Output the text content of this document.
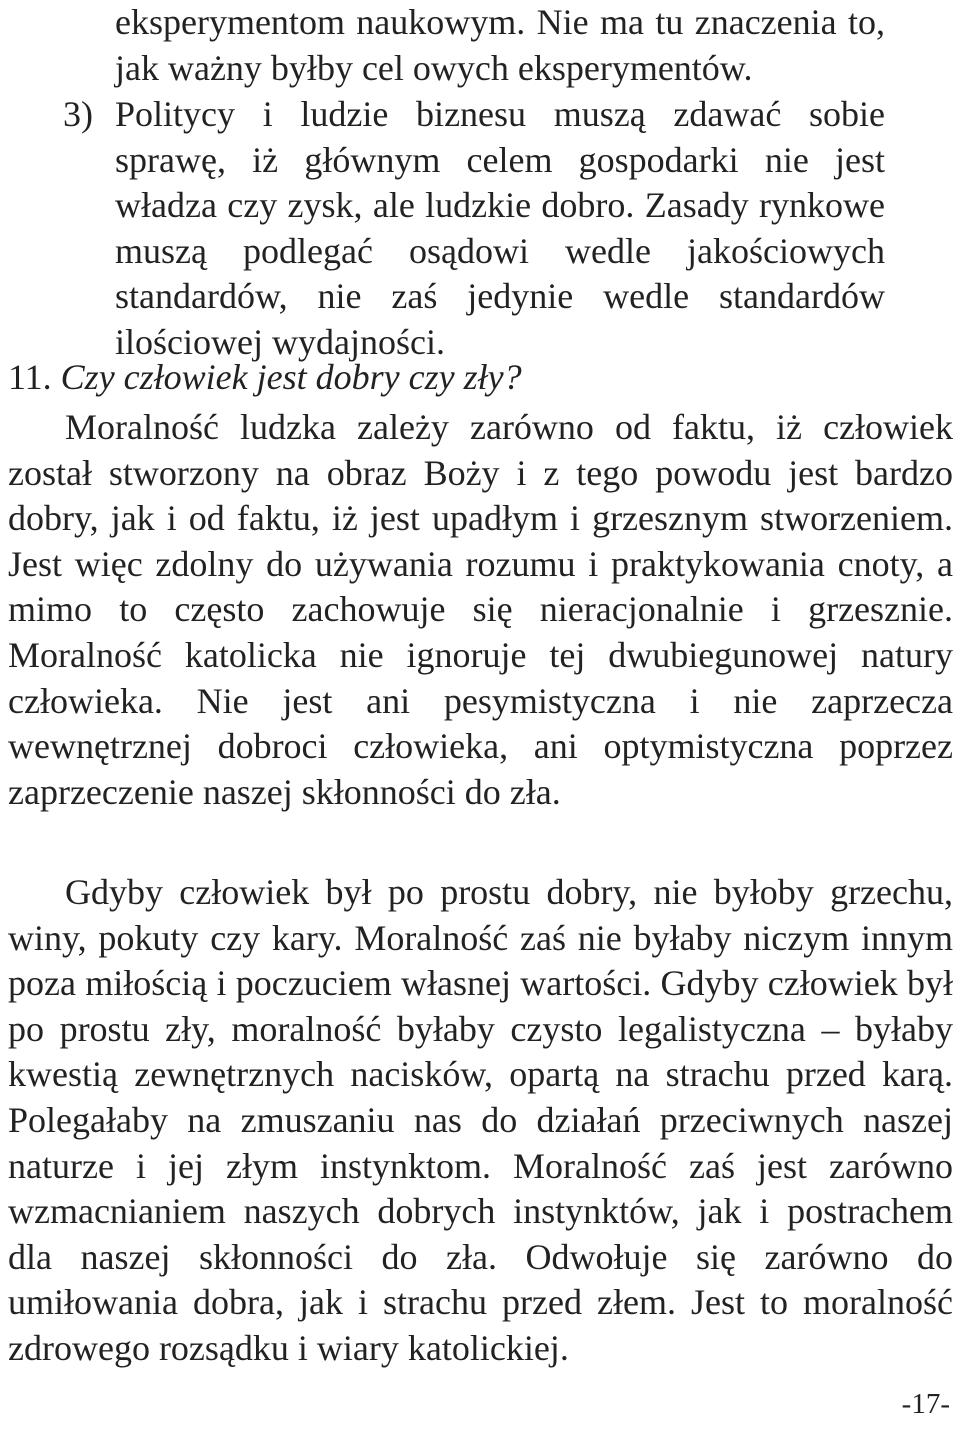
eksperymentom naukowym. Nie ma tu znaczenia to, jak ważny byłby cel owych eksperymentów.
3) Politycy i ludzie biznesu muszą zdawać sobie sprawę, iż głównym celem gospodarki nie jest władza czy zysk, ale ludzkie dobro. Zasady rynkowe muszą podlegać osądowi wedle jakościowych standardów, nie zaś jedynie wedle standardów ilościowej wydajności.
11. Czy człowiek jest dobry czy zły?
Moralność ludzka zależy zarówno od faktu, iż człowiek został stworzony na obraz Boży i z tego powodu jest bardzo dobry, jak i od faktu, iż jest upadłym i grzesznym stworzeniem. Jest więc zdolny do używania rozumu i praktykowania cnoty, a mimo to często zachowuje się nieracjonalnie i grzesznie. Moralność katolicka nie ignoruje tej dwubiegunowej natury człowieka. Nie jest ani pesymistyczna i nie zaprzecza wewnętrznej dobroci człowieka, ani optymistyczna poprzez zaprzeczenie naszej skłonności do zła.
Gdyby człowiek był po prostu dobry, nie byłoby grzechu, winy, pokuty czy kary. Moralność zaś nie byłaby niczym innym poza miłością i poczuciem własnej wartości. Gdyby człowiek był po prostu zły, moralność byłaby czysto legalistyczna – byłaby kwestią zewnętrznych nacisków, opartą na strachu przed karą. Polegałaby na zmuszaniu nas do działań przeciwnych naszej naturze i jej złym instynktom. Moralność zaś jest zarówno wzmacnianiem naszych dobrych instynktów, jak i postrachem dla naszej skłonności do zła. Odwołuje się zarówno do umiłowania dobra, jak i strachu przed złem. Jest to moralność zdrowego rozsądku i wiary katolickiej.
-17-
